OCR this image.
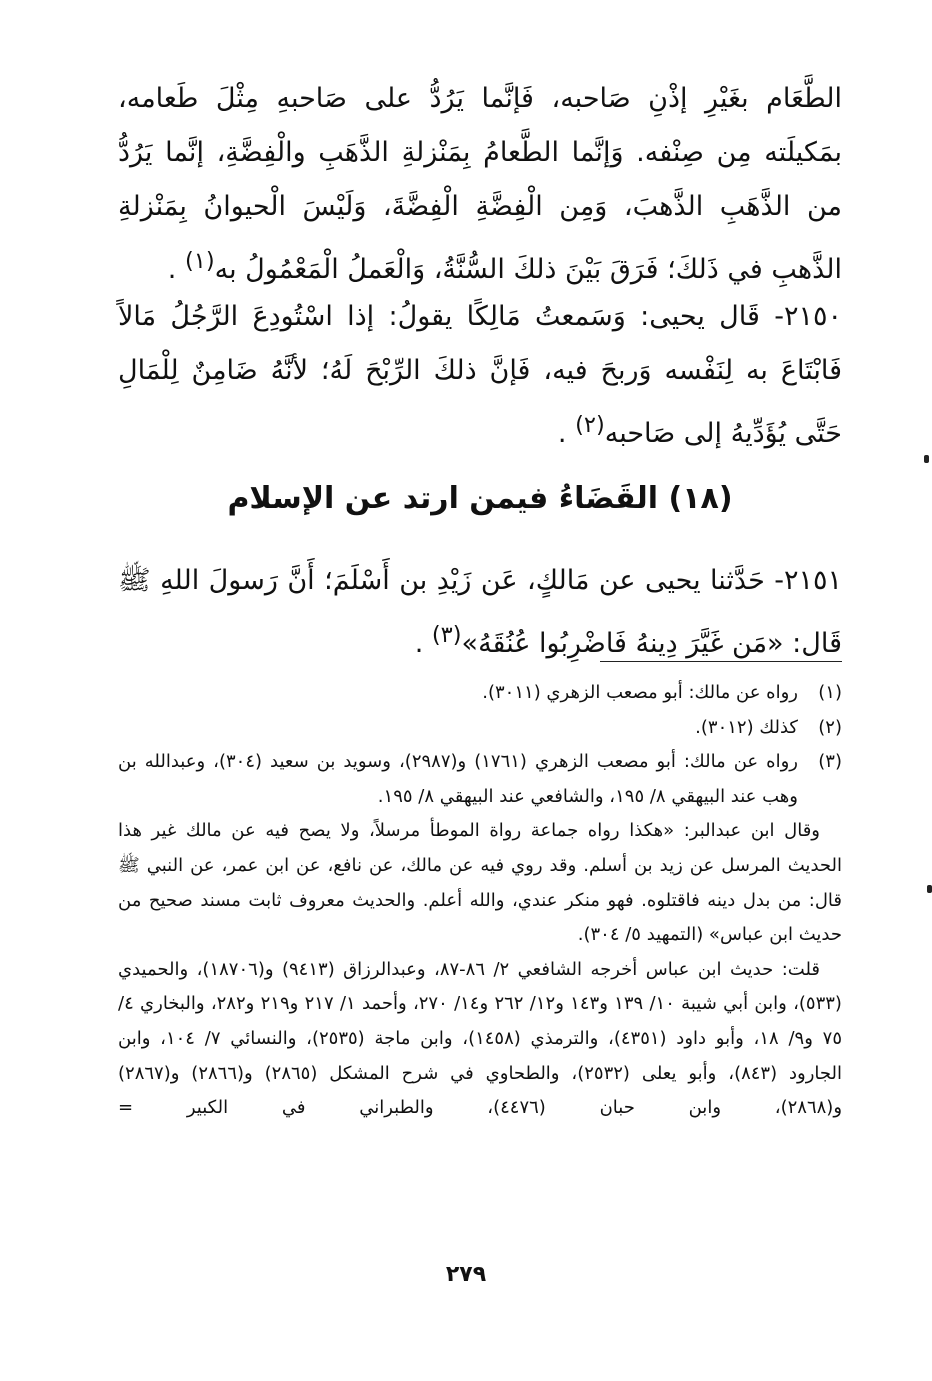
الطَّعَام بغَيْرِ إذْنِ صَاحبه، فَإنَّما يَرُدُّ على صَاحبهِ مِثْلَ طَعامه، بمَكيلَته مِن صِنْفه. وَإنَّما الطَّعامُ بِمَنْزلةِ الذَّهَبِ والْفِضَّةِ، إنَّما يَرُدُّ من الذَّهَبِ الذَّهبَ، وَمِن الْفِضَّةِ الْفِضَّةَ، وَلَيْسَ الْحيوانُ بِمَنْزلةِ الذَّهبِ في ذَلكَ؛ فَرَقَ بَيْنَ ذلكَ السُّنَّةُ، وَالْعَملُ الْمَعْمُولُ به$^{(١)}$ .

٢١٥٠- قَال يحيى: وَسَمعتُ مَالِكًا يقولُ: إذا اسْتُودِعَ الرَّجُلُ مَالاً فَابْتَاعَ به لِنَفْسه وَربحَ فيه، فَإنَّ ذلكَ الرِّبْحَ لَهُ؛ لأنَّهُ ضَامِنٌ لِلْمَالِ حَتَّى يُؤَدِّيهُ إلى صَاحبه$^{(٢)}$ .

(١٨) القَضَاءُ فيمن ارتد عن الإسلام

٢١٥١- حَدَّثنا يحيى عن مَالكٍ، عَن زَيْدِ بن أَسْلَمَ؛ أَنَّ رَسولَ اللهِ ﷺ قَال: «مَن غَيَّرَ دِينهُ فَاضْرِبُوا عُنُقَهُ»$^{(٣)}$ .

(١)
رواه عن مالك: أبو مصعب الزهري (٣٠١١).
(٢)
كذلك (٣٠١٢).
(٣)
رواه عن مالك: أبو مصعب الزهري (١٧٦١) و(٢٩٨٧)، وسويد بن سعيد (٣٠٤)، وعبدالله بن وهب عند البيهقي ٨/ ١٩٥، والشافعي عند البيهقي ٨/ ١٩٥.

وقال ابن عبدالبر: «هكذا رواه جماعة رواة الموطأ مرسلاً، ولا يصح فيه عن مالك غير هذا الحديث المرسل عن زيد بن أسلم. وقد روي فيه عن مالك، عن نافع، عن ابن عمر، عن النبي ﷺ قال: من بدل دينه فاقتلوه. فهو منكر عندي، والله أعلم. والحديث معروف ثابت مسند صحيح من حديث ابن عباس» (التمهيد ٥/ ٣٠٤).

قلت: حديث ابن عباس أخرجه الشافعي ٢/ ٨٦-٨٧، وعبدالرزاق (٩٤١٣) و(١٨٧٠٦)، والحميدي (٥٣٣)، وابن أبي شيبة ١٠/ ١٣٩ و١٤٣ و١٢/ ٢٦٢ و١٤/ ٢٧٠، وأحمد ١/ ٢١٧ و٢١٩ و٢٨٢، والبخاري ٤/ ٧٥ و٩/ ١٨، وأبو داود (٤٣٥١)، والترمذي (١٤٥٨)، وابن ماجة (٢٥٣٥)، والنسائي ٧/ ١٠٤، وابن الجارود (٨٤٣)، وأبو يعلى (٢٥٣٢)، والطحاوي في شرح المشكل (٢٨٦٥) و(٢٨٦٦) و(٢٨٦٧) و(٢٨٦٨)، وابن حبان (٤٤٧٦)، والطبراني في الكبير =

٢٧٩
